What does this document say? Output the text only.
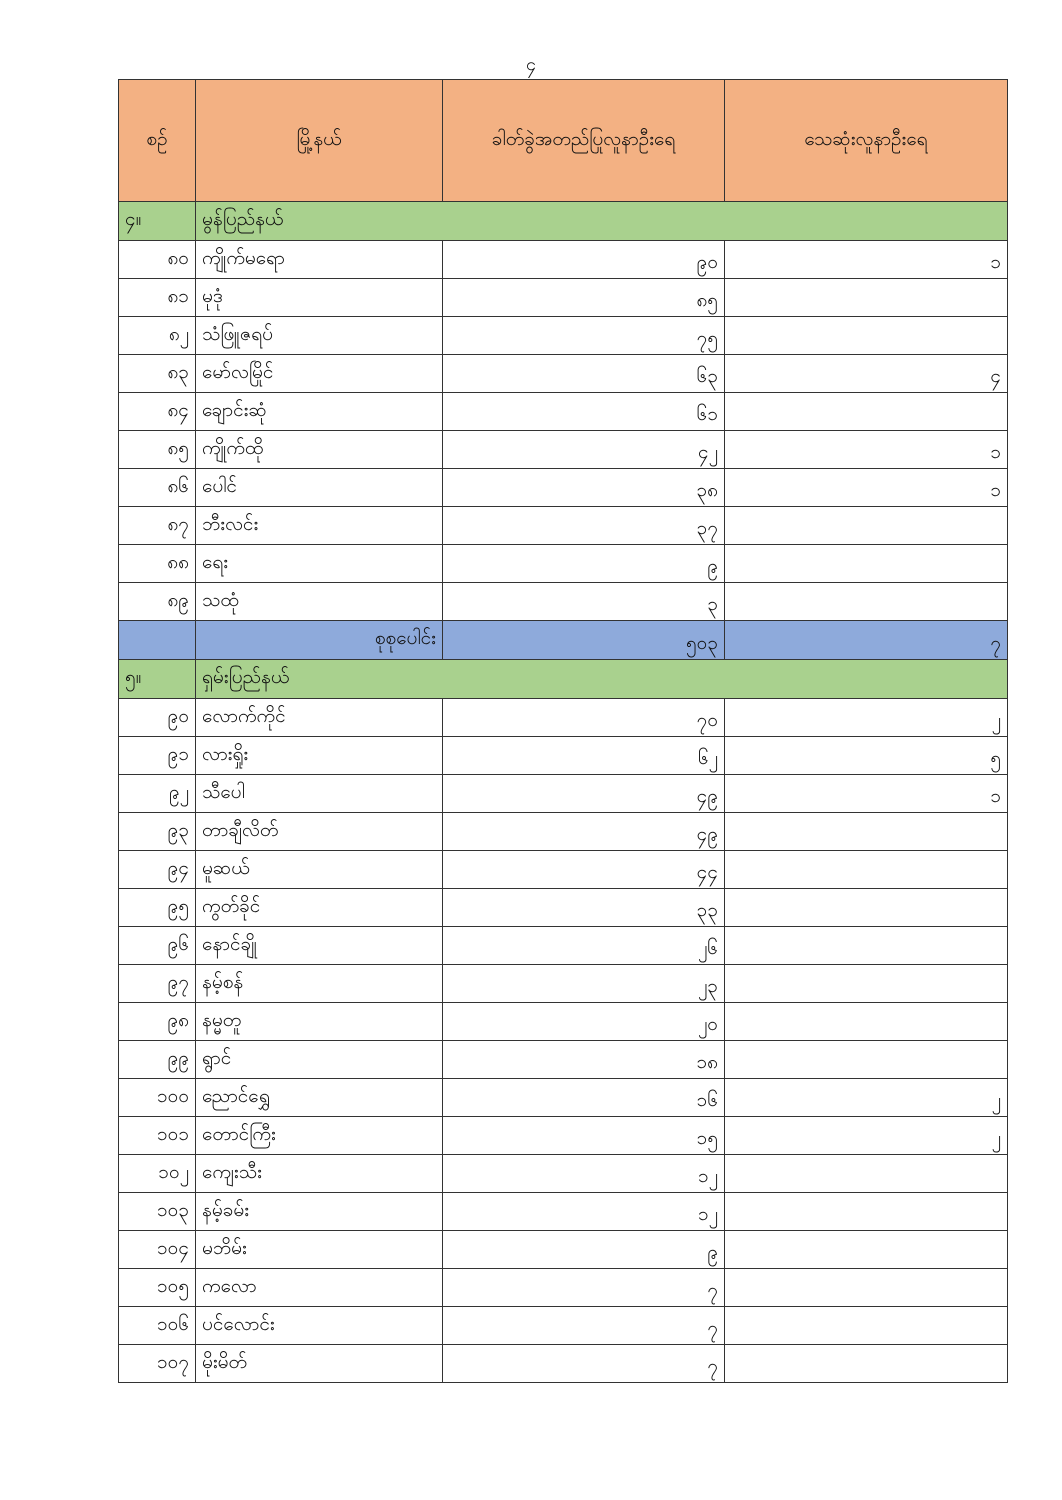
၄
စဉ်	မြို့နယ်	ခါတ်ခွဲအတည်ပြုလူနာဦးရေ	သေဆုံးလူနာဦးရေ
၄။	မွန်ပြည်နယ်		
၈၀	ကျိုက်မရော	၉၀	၁
၈၁	မုဒုံ	၈၅	
၈၂	သံဖြူဇရပ်	၇၅	
၈၃	မော်လမြိုင်	၆၃	၄
၈၄	ချောင်းဆုံ	၆၁	
၈၅	ကျိုက်ထို	၄၂	၁
၈၆	ပေါင်	၃၈	၁
၈၇	ဘီးလင်း	၃၇	
၈၈	ရေး	၉	
၈၉	သထုံ	၃	
	စုစုပေါင်း	၅၀၃	၇
၅။	ရှမ်းပြည်နယ်		
၉၀	လောက်ကိုင်	၇၀	၂
၉၁	လားရှိုး	၆၂	၅
၉၂	သီပေါ	၄၉	၁
၉၃	တာချီလိတ်	၄၉	
၉၄	မူဆယ်	၄၄	
၉၅	ကွတ်ခိုင်	၃၃	
၉၆	နောင်ချို	၂၆	
၉၇	နမ့်စန်	၂၃	
၉၈	နမ္မတူ	၂၀	
၉၉	ရွာင်	၁၈	
၁၀၀	ညောင်ရွှေ	၁၆	၂
၁၀၁	တောင်ကြီး	၁၅	၂
၁၀၂	ကျေးသီး	၁၂	
၁၀၃	နမ့်ခမ်း	၁၂	
၁၀၄	မဘိမ်း	၉	
၁၀၅	ကလော	၇	
၁၀၆	ပင်လောင်း	၇	
၁၀၇	မိုးမိတ်	၇	
